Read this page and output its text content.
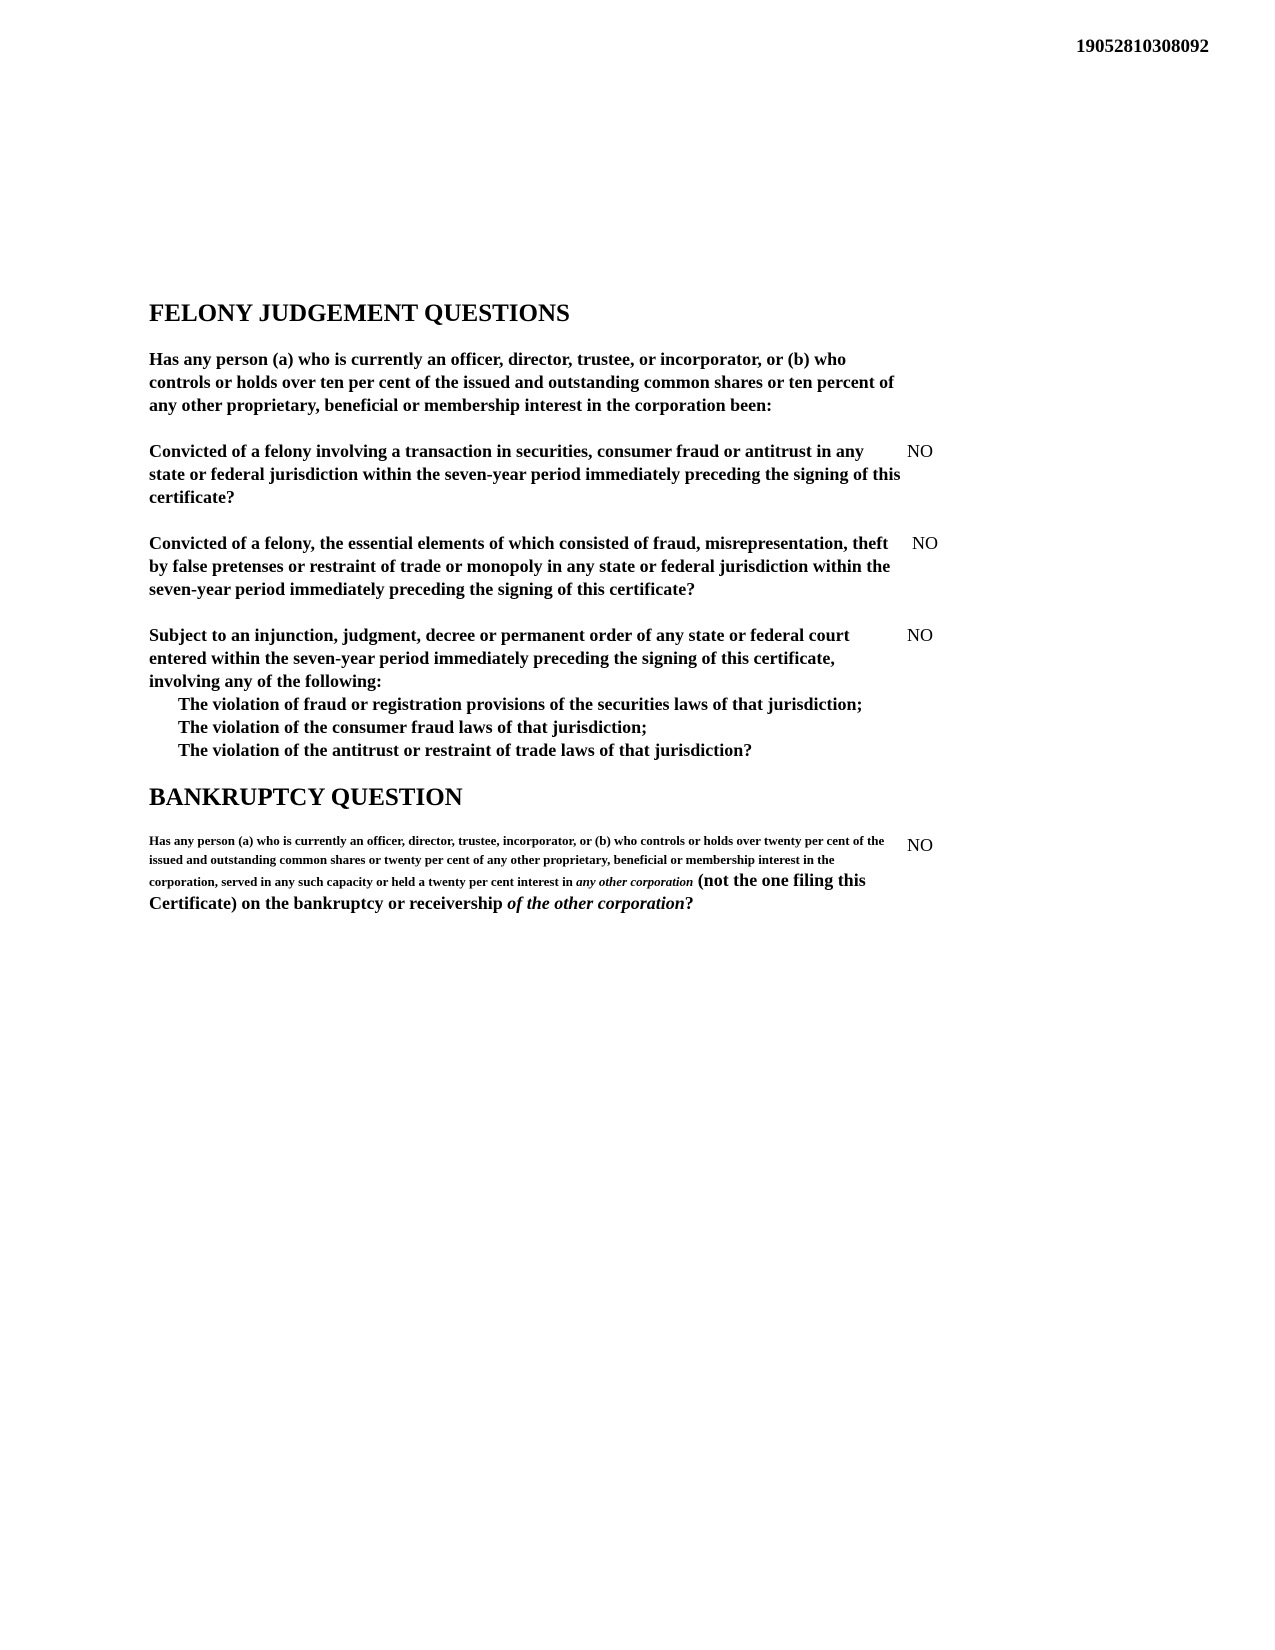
19052810308092
FELONY JUDGEMENT QUESTIONS

Has any person (a) who is currently an officer, director, trustee, or incorporator, or (b) who controls or holds over ten per cent of the issued and outstanding common shares or ten percent of any other proprietary, beneficial or membership interest in the corporation been:

Convicted of a felony involving a transaction in securities, consumer fraud or antitrust in any state or federal jurisdiction within the seven-year period immediately preceding the signing of this certificate?
NO
Convicted of a felony, the essential elements of which consisted of fraud, misrepresentation, theft by false pretenses or restraint of trade or monopoly in any state or federal jurisdiction within the seven-year period immediately preceding the signing of this certificate?
NO
Subject to an injunction, judgment, decree or permanent order of any state or federal court entered within the seven-year period immediately preceding the signing of this certificate, involving any of the following:
NO
The violation of fraud or registration provisions of the securities laws of that jurisdiction;
The violation of the consumer fraud laws of that jurisdiction;
The violation of the antitrust or restraint of trade laws of that jurisdiction?
BANKRUPTCY QUESTION
Has any person (a) who is currently an officer, director, trustee, incorporator, or (b) who controls or holds over twenty per cent of the issued and outstanding common shares or twenty per cent of any other proprietary, beneficial or membership interest in the corporation, served in any such capacity or held a twenty per cent interest in any other corporation (not the one filing this Certificate) on the bankruptcy or receivership of the other corporation?
NO
